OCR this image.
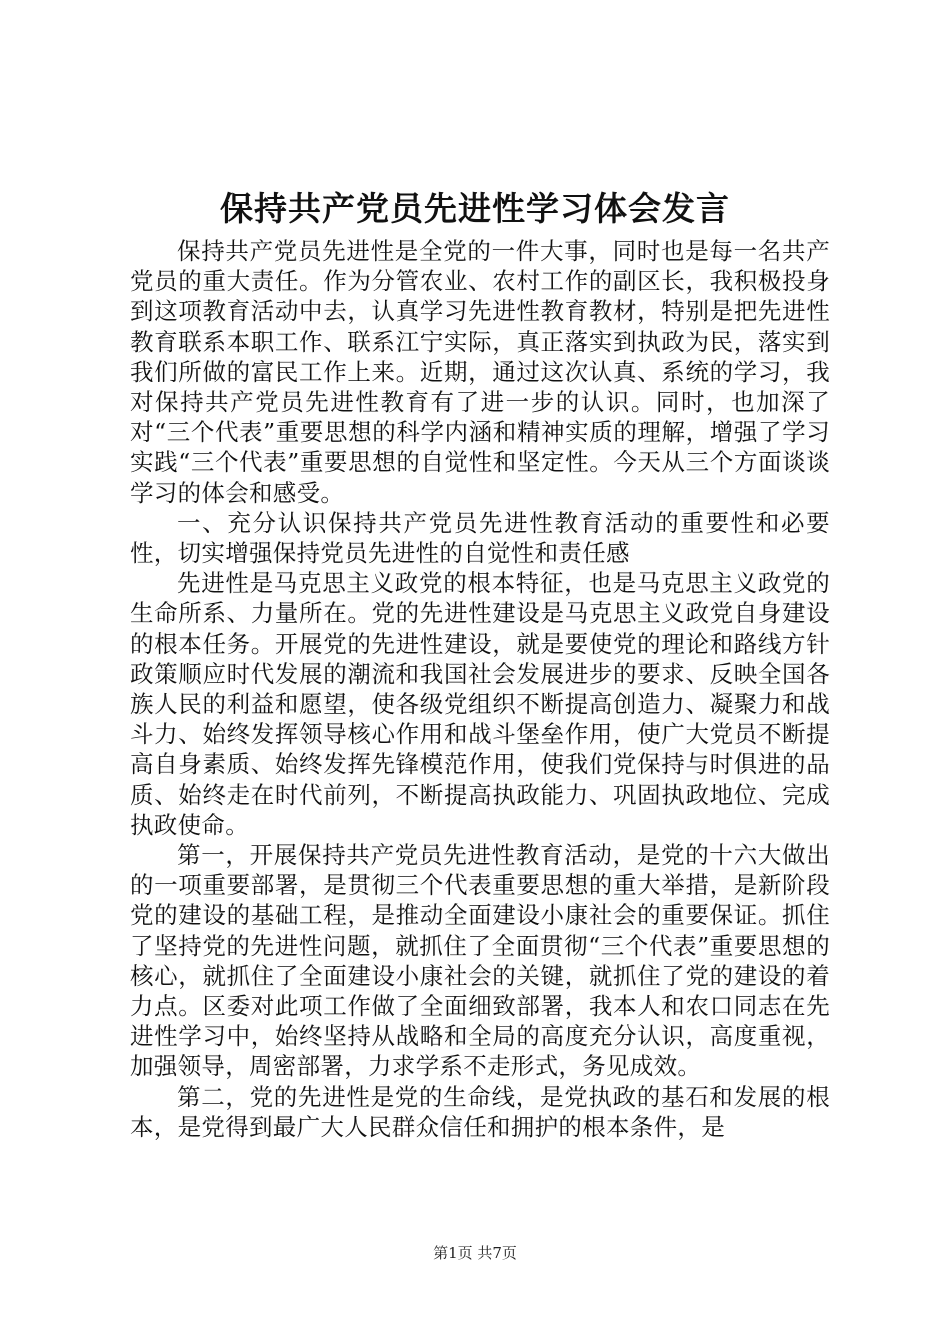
保持共产党员先进性学习体会发言

保持共产党员先进性是全党的一件大事，同时也是每一名共产党员的重大责任。作为分管农业、农村工作的副区长，我积极投身到这项教育活动中去，认真学习先进性教育教材，特别是把先进性教育联系本职工作、联系江宁实际，真正落实到执政为民，落实到我们所做的富民工作上来。近期，通过这次认真、系统的学习，我对保持共产党员先进性教育有了进一步的认识。同时，也加深了对“三个代表”重要思想的科学内涵和精神实质的理解，增强了学习实践“三个代表”重要思想的自觉性和坚定性。今天从三个方面谈谈学习的体会和感受。

一、充分认识保持共产党员先进性教育活动的重要性和必要性，切实增强保持党员先进性的自觉性和责任感

先进性是马克思主义政党的根本特征，也是马克思主义政党的生命所系、力量所在。党的先进性建设是马克思主义政党自身建设的根本任务。开展党的先进性建设，就是要使党的理论和路线方针政策顺应时代发展的潮流和我国社会发展进步的要求、反映全国各族人民的利益和愿望，使各级党组织不断提高创造力、凝聚力和战斗力、始终发挥领导核心作用和战斗堡垒作用，使广大党员不断提高自身素质、始终发挥先锋模范作用，使我们党保持与时俱进的品质、始终走在时代前列，不断提高执政能力、巩固执政地位、完成执政使命。

第一，开展保持共产党员先进性教育活动，是党的十六大做出的一项重要部署，是贯彻三个代表重要思想的重大举措，是新阶段党的建设的基础工程，是推动全面建设小康社会的重要保证。抓住了坚持党的先进性问题，就抓住了全面贯彻“三个代表”重要思想的核心，就抓住了全面建设小康社会的关键，就抓住了党的建设的着力点。区委对此项工作做了全面细致部署，我本人和农口同志在先进性学习中，始终坚持从战略和全局的高度充分认识，高度重视，加强领导，周密部署，力求学系不走形式，务见成效。

第二，党的先进性是党的生命线，是党执政的基石和发展的根本，是党得到最广大人民群众信任和拥护的根本条件，是

第1页 共7页
